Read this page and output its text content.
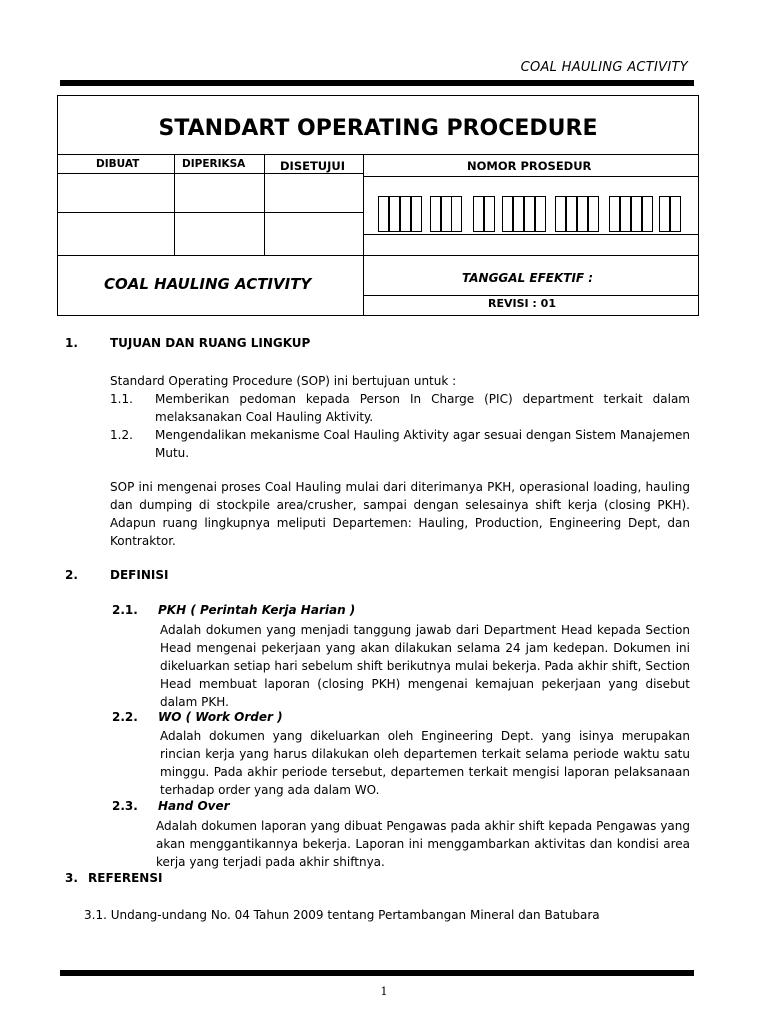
COAL HAULING ACTIVITY
STANDART OPERATING PROCEDURE
DIBUAT	DIPERIKSA	DISETUJUI	NOMOR PROSEDUR
COAL HAULING ACTIVITY	TANGGAL EFEKTIF :
REVISI : 01
1.	TUJUAN DAN RUANG LINGKUP
Standard Operating Procedure (SOP) ini bertujuan untuk :
1.1. Memberikan pedoman kepada Person In Charge (PIC) department terkait dalam melaksanakan Coal Hauling Aktivity.
1.2. Mengendalikan mekanisme Coal Hauling Aktivity agar sesuai dengan Sistem Manajemen Mutu.
SOP ini mengenai proses Coal Hauling mulai dari diterimanya PKH, operasional loading, hauling dan dumping di stockpile area/crusher, sampai dengan selesainya shift kerja (closing PKH). Adapun ruang lingkupnya meliputi Departemen: Hauling, Production, Engineering Dept, dan Kontraktor.
2.	DEFINISI
2.1. PKH ( Perintah Kerja Harian )
Adalah dokumen yang menjadi tanggung jawab dari Department Head kepada Section Head mengenai pekerjaan yang akan dilakukan selama 24 jam kedepan. Dokumen ini dikeluarkan setiap hari sebelum shift berikutnya mulai bekerja. Pada akhir shift, Section Head membuat laporan (closing PKH) mengenai kemajuan pekerjaan yang disebut dalam PKH.
2.2. WO ( Work Order )
Adalah dokumen yang dikeluarkan oleh Engineering Dept. yang isinya merupakan rincian kerja yang harus dilakukan oleh departemen terkait selama periode waktu satu minggu. Pada akhir periode tersebut, departemen terkait mengisi laporan pelaksanaan terhadap order yang ada dalam WO.
2.3. Hand Over
Adalah dokumen laporan yang dibuat Pengawas pada akhir shift kepada Pengawas yang akan menggantikannya bekerja. Laporan ini menggambarkan aktivitas dan kondisi area kerja yang terjadi pada akhir shiftnya.
3. REFERENSI
3.1. Undang-undang No. 04 Tahun 2009 tentang Pertambangan Mineral dan Batubara
1
